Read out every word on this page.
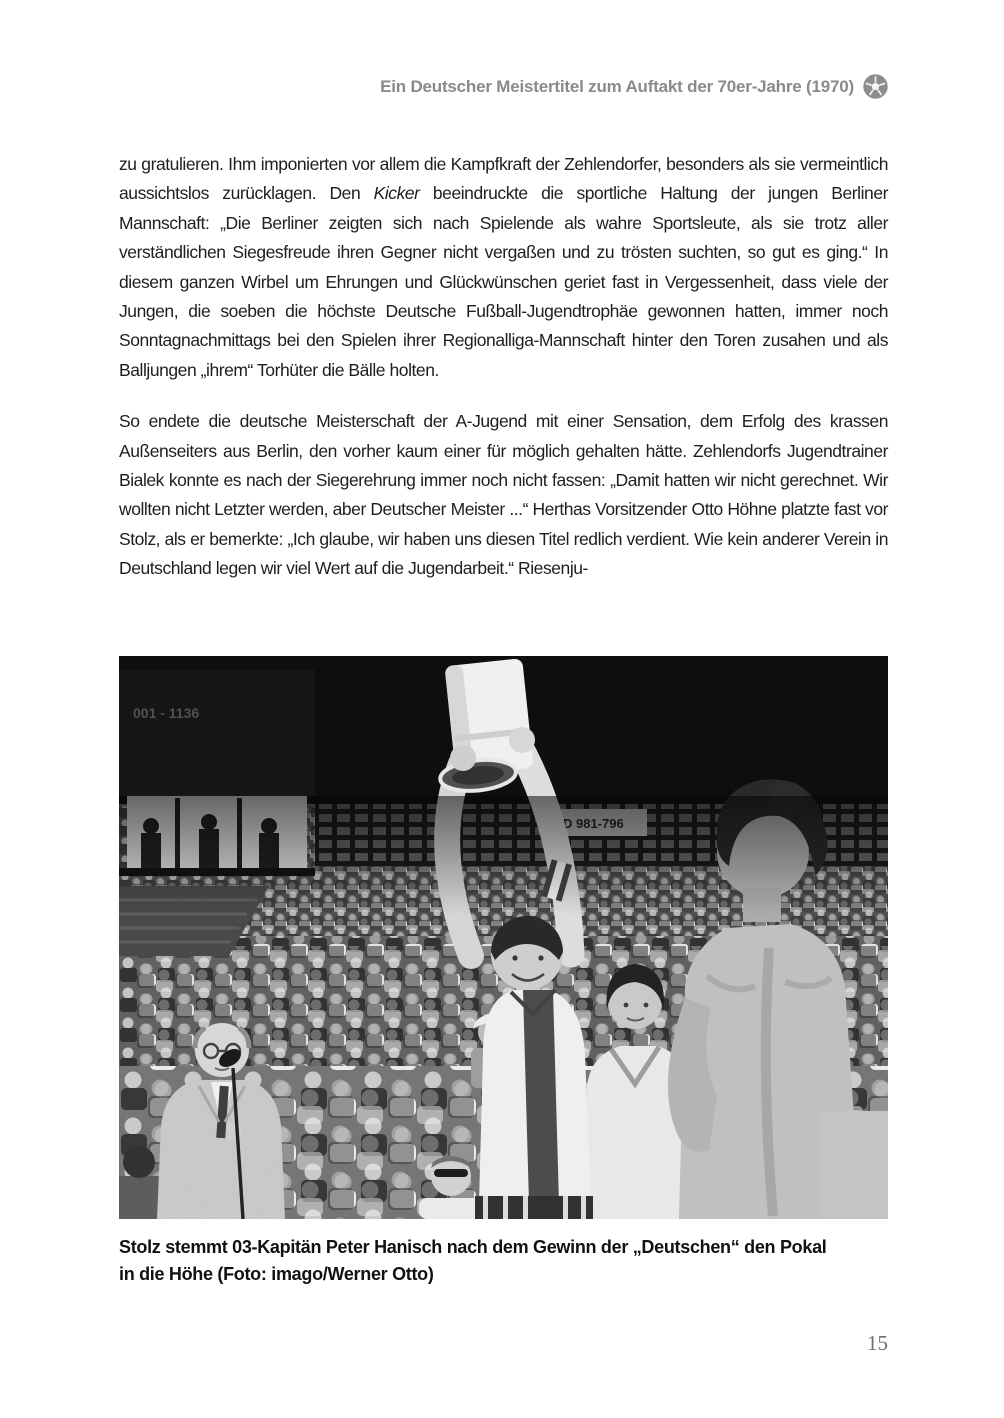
Ein Deutscher Meistertitel zum Auftakt der 70er-Jahre (1970)

zu gratulieren. Ihm imponierten vor allem die Kampfkraft der Zehlendorfer, besonders als sie vermeintlich aussichtslos zurücklagen. Den Kicker beeindruckte die sportliche Haltung der jungen Berliner Mannschaft: „Die Berliner zeigten sich nach Spielende als wahre Sportsleute, als sie trotz aller verständlichen Siegesfreude ihren Gegner nicht vergaßen und zu trösten suchten, so gut es ging.“ In diesem ganzen Wirbel um Ehrungen und Glückwünschen geriet fast in Vergessenheit, dass viele der Jungen, die soeben die höchste Deutsche Fußball-Jugendtrophäe gewonnen hatten, immer noch Sonntagnachmittags bei den Spielen ihrer Regionalliga-Mannschaft hinter den Toren zusahen und als Balljungen „ihrem“ Torhüter die Bälle holten.

So endete die deutsche Meisterschaft der A-Jugend mit einer Sensation, dem Erfolg des krassen Außenseiters aus Berlin, den vorher kaum einer für möglich gehalten hätte. Zehlendorfs Jugendtrainer Bialek konnte es nach der Siegerehrung immer noch nicht fassen: „Damit hatten wir nicht gerechnet. Wir wollten nicht Letzter werden, aber Deutscher Meister ...“ Herthas Vorsitzender Otto Höhne platzte fast vor Stolz, als er bemerkte: „Ich glaube, wir haben uns diesen Titel redlich verdient. Wie kein anderer Verein in Deutschland legen wir viel Wert auf die Jugendarbeit.“ Riesenju-

001 - 1136
Stolz stemmt 03-Kapitän Peter Hanisch nach dem Gewinn der „Deutschen“ den Pokal in die Höhe (Foto: imago/Werner Otto)
15
